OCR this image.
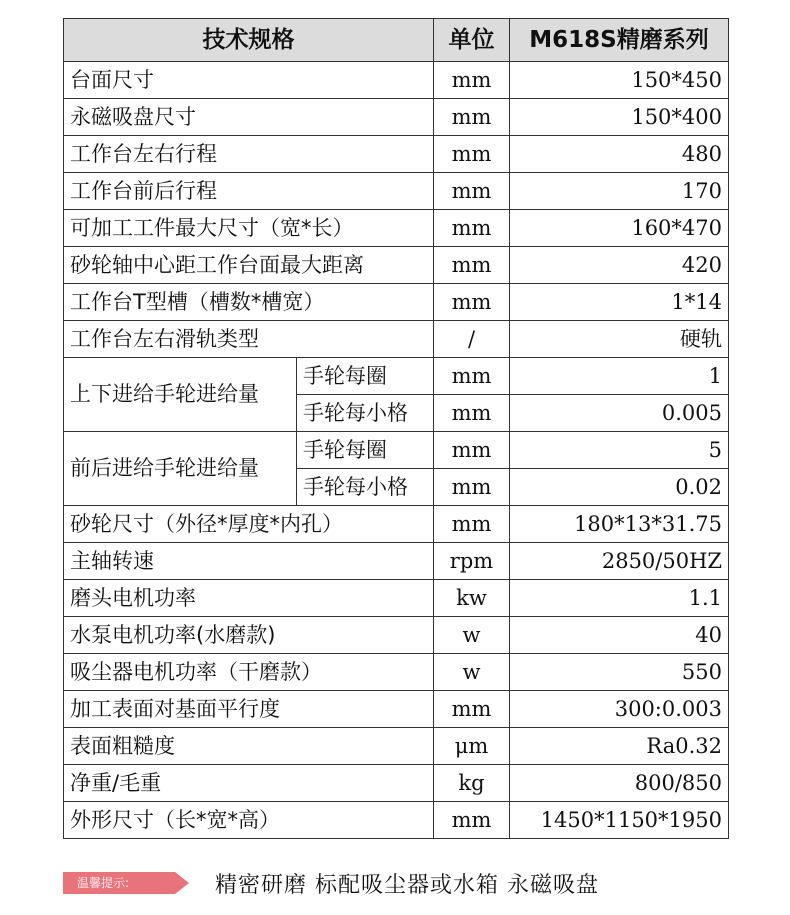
技术规格		单位	M618S精磨系列
台面尺寸		mm	150*450
永磁吸盘尺寸		mm	150*400
工作台左右行程		mm	480
工作台前后行程		mm	170
可加工工件最大尺寸（宽*长）		mm	160*470
砂轮轴中心距工作台面最大距离		mm	420
工作台T型槽（槽数*槽宽）		mm	1*14
工作台左右滑轨类型		/	硬轨
上下进给手轮进给量	手轮每圈	mm	1
	手轮每小格	mm	0.005
前后进给手轮进给量	手轮每圈	mm	5
	手轮每小格	mm	0.02
砂轮尺寸（外径*厚度*内孔）		mm	180*13*31.75
主轴转速		rpm	2850/50HZ
磨头电机功率		kw	1.1
水泵电机功率(水磨款)		w	40
吸尘器电机功率（干磨款）		w	550
加工表面对基面平行度		mm	300:0.003
表面粗糙度		μm	Ra0.32
净重/毛重		kg	800/850
外形尺寸（长*宽*高）		mm	1450*1150*1950
温馨提示:	精密研磨 标配吸尘器或水箱 永磁吸盘
